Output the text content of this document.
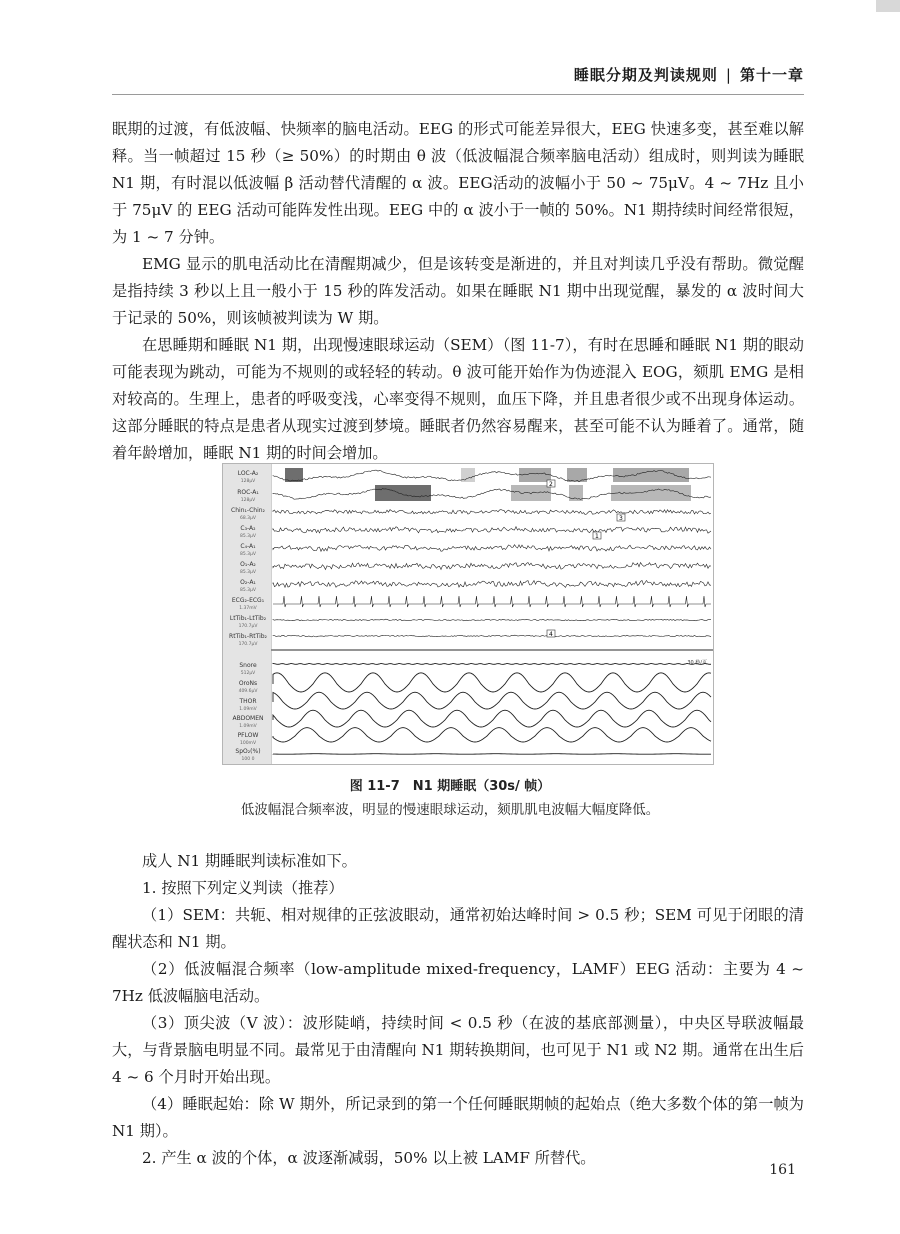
睡眠分期及判读规则 | 第十一章

眠期的过渡，有低波幅、快频率的脑电活动。EEG 的形式可能差异很大，EEG 快速多变，甚至难以解释。当一帧超过 15 秒（≥ 50%）的时期由 θ 波（低波幅混合频率脑电活动）组成时，则判读为睡眠 N1 期，有时混以低波幅 β 活动替代清醒的 α 波。EEG活动的波幅小于 50 ~ 75μV。4 ~ 7Hz 且小于 75μV 的 EEG 活动可能阵发性出现。EEG 中的 α 波小于一帧的 50%。N1 期持续时间经常很短，为 1 ~ 7 分钟。

EMG 显示的肌电活动比在清醒期减少，但是该转变是渐进的，并且对判读几乎没有帮助。微觉醒是指持续 3 秒以上且一般小于 15 秒的阵发活动。如果在睡眠 N1 期中出现觉醒，暴发的 α 波时间大于记录的 50%，则该帧被判读为 W 期。

在思睡期和睡眠 N1 期，出现慢速眼球运动（SEM）（图 11-7），有时在思睡和睡眠 N1 期的眼动可能表现为跳动，可能为不规则的或轻轻的转动。θ 波可能开始作为伪迹混入 EOG，颏肌 EMG 是相对较高的。生理上，患者的呼吸变浅，心率变得不规则，血压下降，并且患者很少或不出现身体运动。这部分睡眠的特点是患者从现实过渡到梦境。睡眠者仍然容易醒来，甚至可能不认为睡着了。通常，随着年龄增加，睡眠 N1 期的时间会增加。

LOC-A₂
128μV
ROC-A₁
128μV
Chin₁-Chin₂
68.3μV
C₃-A₂
85.3μV
C₄-A₁
85.3μV
O₁-A₂
85.3μV
O₂-A₁
85.3μV
ECG₂-ECG₁
1.37mV
LtTib₁-LtTib₂
170.7μV
RtTib₁-RtTib₂
170.7μV
Snore
512μV
OroNs
409.6μV
THOR
1.09mV
ABDOMEN
1.09mV
PFLOW
100mV
SpO₂(%)
100 0
2
3
1
4
30 秒/页
图 11-7　N1 期睡眠（30s/ 帧）
低波幅混合频率波，明显的慢速眼球运动，颏肌肌电波幅大幅度降低。

成人 N1 期睡眠判读标准如下。

1. 按照下列定义判读（推荐）

（1）SEM：共轭、相对规律的正弦波眼动，通常初始达峰时间 > 0.5 秒；SEM 可见于闭眼的清醒状态和 N1 期。

（2）低波幅混合频率（low-amplitude mixed-frequency，LAMF）EEG 活动：主要为 4 ~ 7Hz 低波幅脑电活动。

（3）顶尖波（V 波）：波形陡峭，持续时间 < 0.5 秒（在波的基底部测量），中央区导联波幅最大，与背景脑电明显不同。最常见于由清醒向 N1 期转换期间，也可见于 N1 或 N2 期。通常在出生后 4 ~ 6 个月时开始出现。

（4）睡眠起始：除 W 期外，所记录到的第一个任何睡眠期帧的起始点（绝大多数个体的第一帧为 N1 期）。

2. 产生 α 波的个体，α 波逐渐减弱，50% 以上被 LAMF 所替代。

161
